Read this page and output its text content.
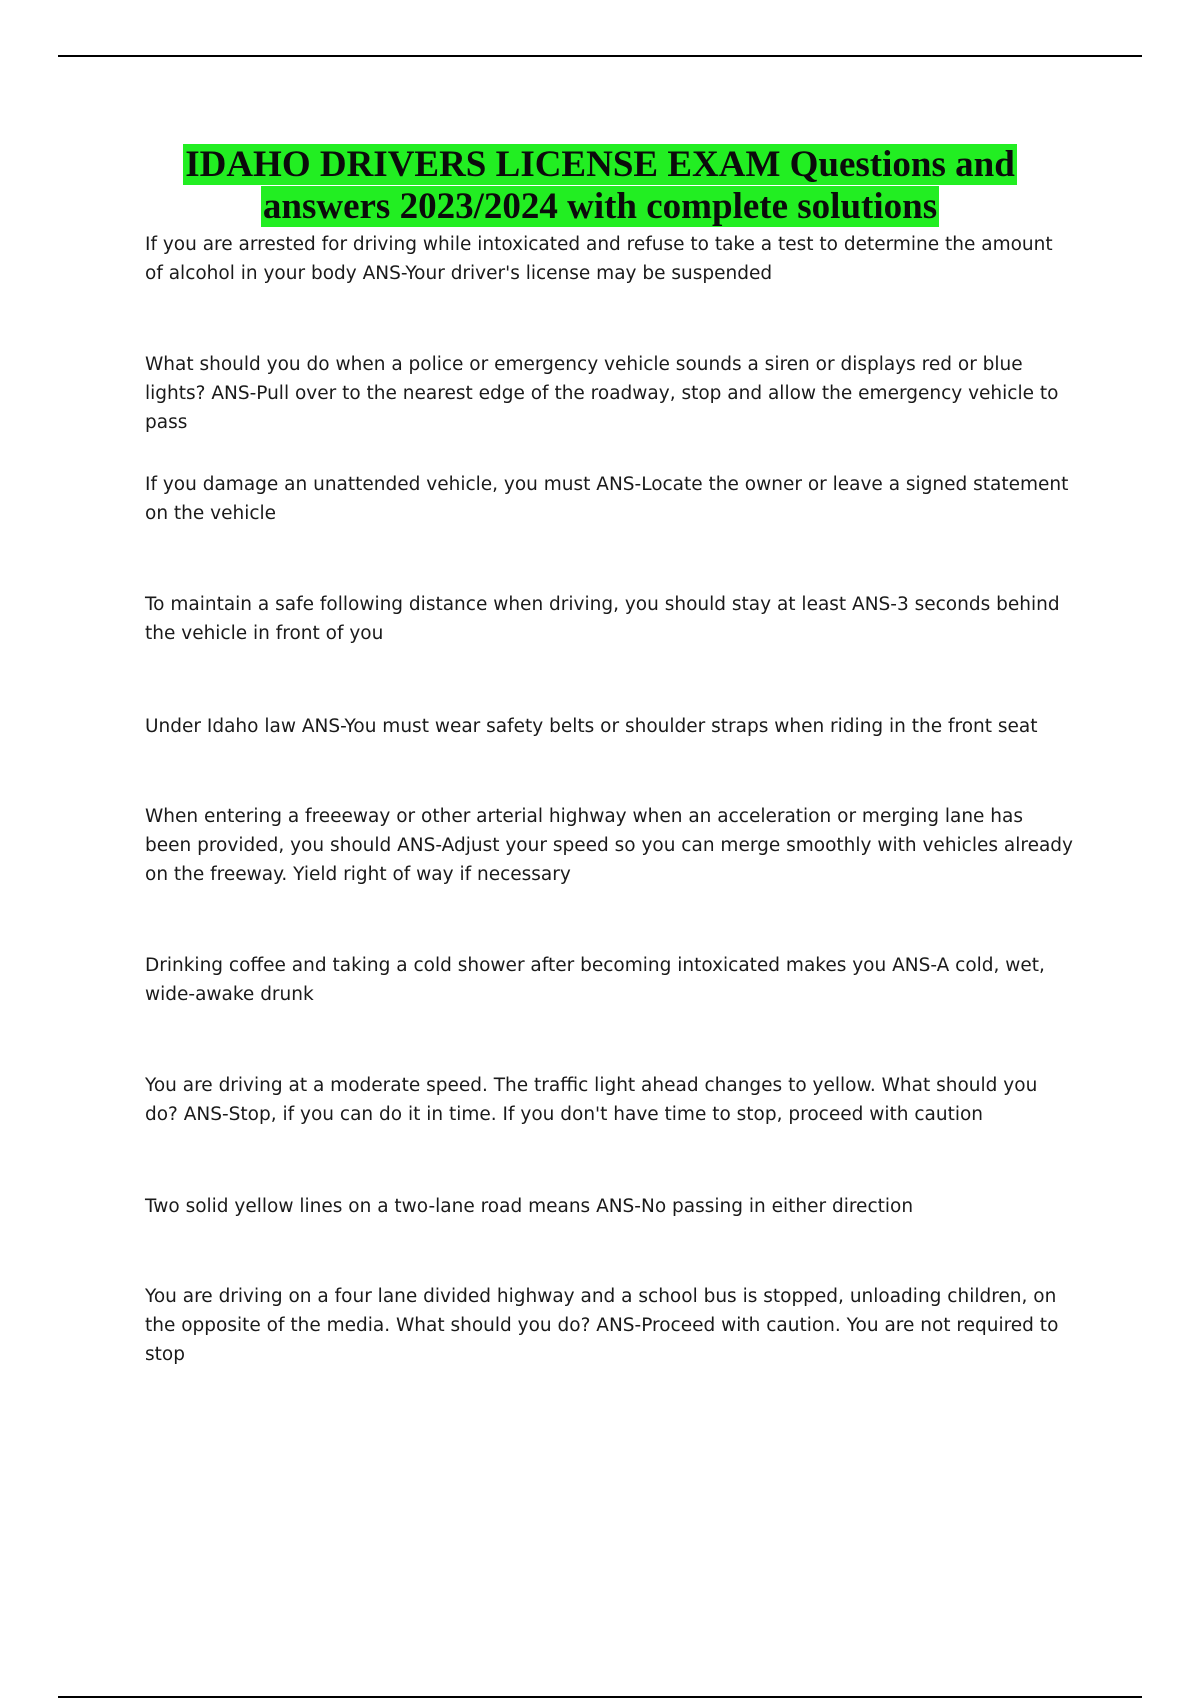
IDAHO DRIVERS LICENSE EXAM Questions and
answers 2023/2024 with complete solutions

If you are arrested for driving while intoxicated and refuse to take a test to determine the amount of alcohol in your body ANS-Your driver's license may be suspended

What should you do when a police or emergency vehicle sounds a siren or displays red or blue lights? ANS-Pull over to the nearest edge of the roadway, stop and allow the emergency vehicle to pass

If you damage an unattended vehicle, you must ANS-Locate the owner or leave a signed statement on the vehicle

To maintain a safe following distance when driving, you should stay at least ANS-3 seconds behind the vehicle in front of you

Under Idaho law ANS-You must wear safety belts or shoulder straps when riding in the front seat

When entering a freeeway or other arterial highway when an acceleration or merging lane has been provided, you should ANS-Adjust your speed so you can merge smoothly with vehicles already on the freeway. Yield right of way if necessary

Drinking coffee and taking a cold shower after becoming intoxicated makes you ANS-A cold, wet, wide-awake drunk

You are driving at a moderate speed. The traffic light ahead changes to yellow. What should you do? ANS-Stop, if you can do it in time. If you don't have time to stop, proceed with caution

Two solid yellow lines on a two-lane road means ANS-No passing in either direction

You are driving on a four lane divided highway and a school bus is stopped, unloading children, on the opposite of the media. What should you do? ANS-Proceed with caution. You are not required to stop
